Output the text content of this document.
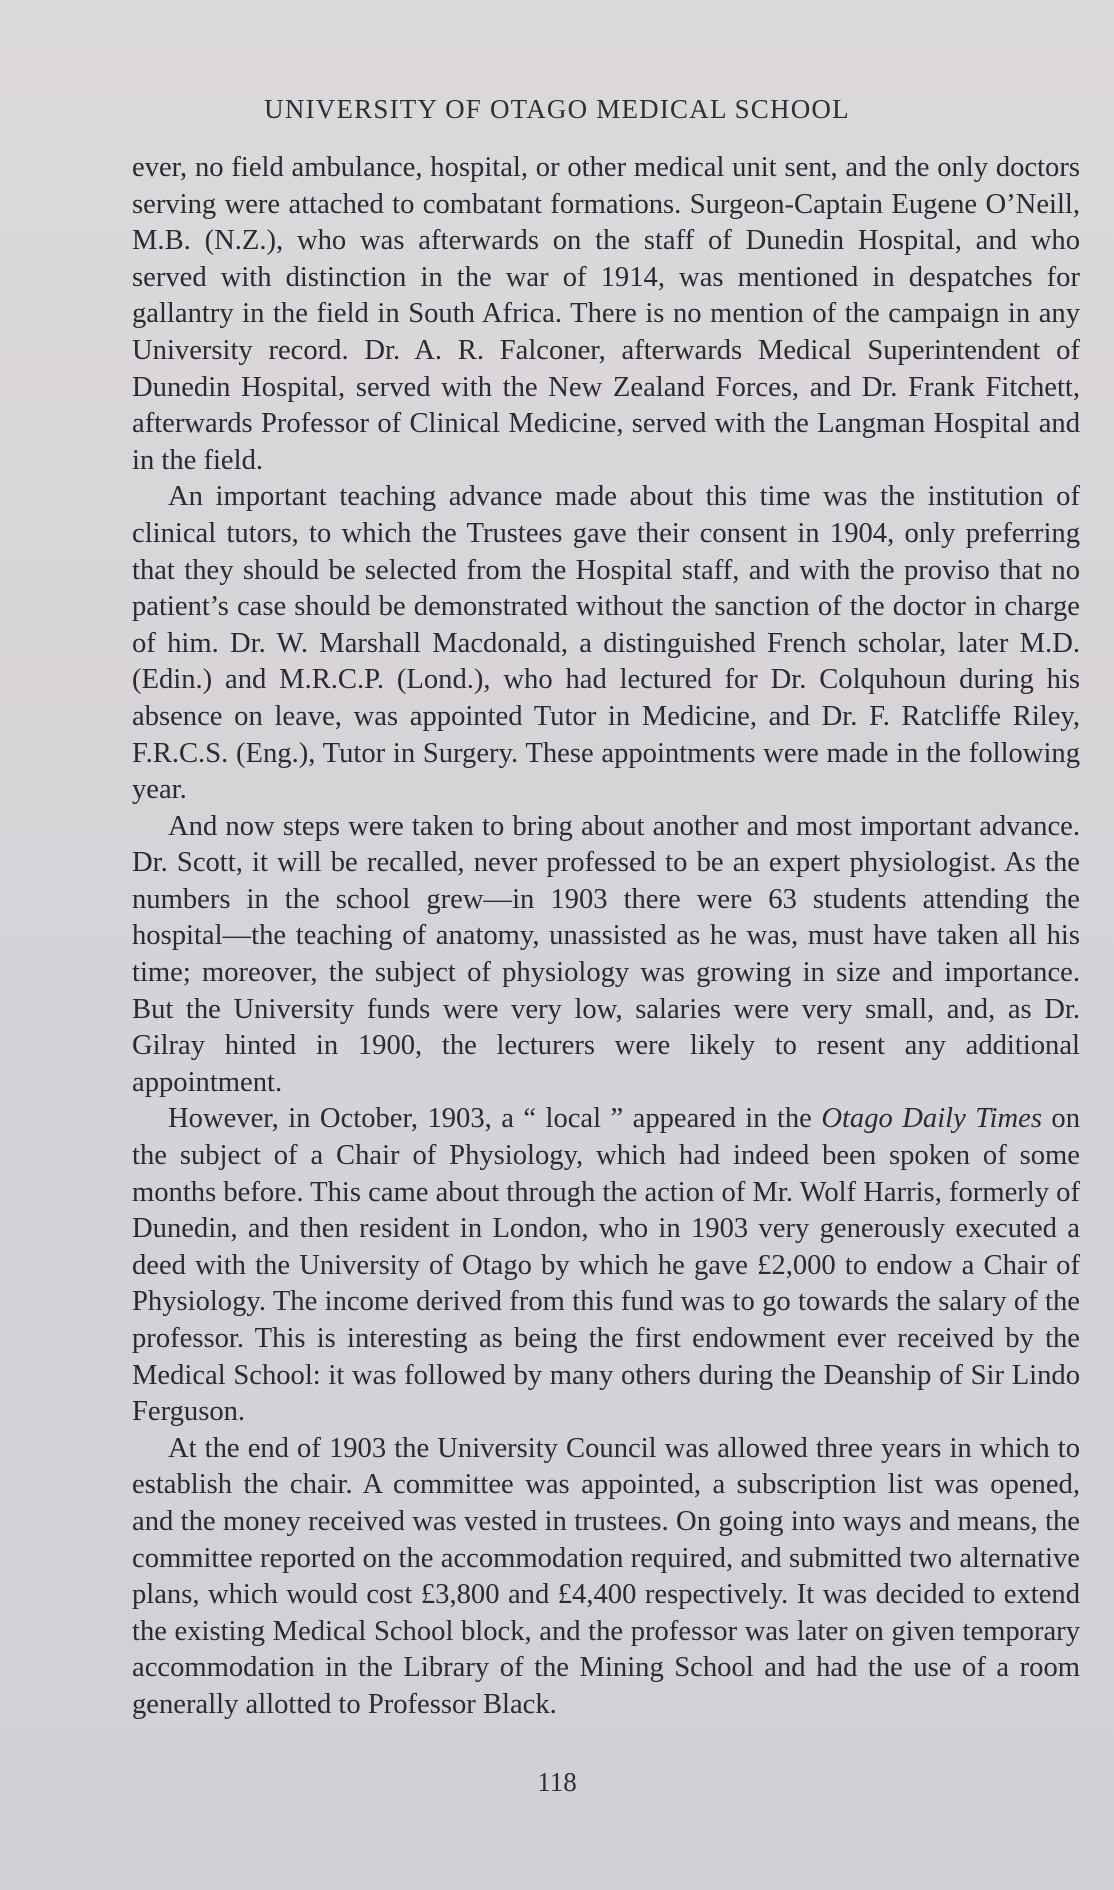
UNIVERSITY OF OTAGO MEDICAL SCHOOL

ever, no field ambulance, hospital, or other medical unit sent, and the only doctors serving were attached to combatant formations. Surgeon-Captain Eugene O’Neill, M.B. (N.Z.), who was afterwards on the staff of Dunedin Hospital, and who served with distinction in the war of 1914, was mentioned in despatches for gallantry in the field in South Africa. There is no mention of the campaign in any University record. Dr. A. R. Falconer, afterwards Medical Superintendent of Dunedin Hospital, served with the New Zealand Forces, and Dr. Frank Fitchett, afterwards Professor of Clinical Medicine, served with the Langman Hospital and in the field.

An important teaching advance made about this time was the institution of clinical tutors, to which the Trustees gave their consent in 1904, only preferring that they should be selected from the Hospital staff, and with the proviso that no patient’s case should be demonstrated without the sanction of the doctor in charge of him. Dr. W. Marshall Macdonald, a distinguished French scholar, later M.D. (Edin.) and M.R.C.P. (Lond.), who had lectured for Dr. Colquhoun during his absence on leave, was appointed Tutor in Medicine, and Dr. F. Ratcliffe Riley, F.R.C.S. (Eng.), Tutor in Surgery. These appointments were made in the following year.

And now steps were taken to bring about another and most important advance. Dr. Scott, it will be recalled, never professed to be an expert physiologist. As the numbers in the school grew—in 1903 there were 63 students attending the hospital—the teaching of anatomy, unassisted as he was, must have taken all his time; moreover, the subject of physiology was growing in size and importance. But the University funds were very low, salaries were very small, and, as Dr. Gilray hinted in 1900, the lecturers were likely to resent any additional appointment.

However, in October, 1903, a “ local ” appeared in the Otago Daily Times on the subject of a Chair of Physiology, which had indeed been spoken of some months before. This came about through the action of Mr. Wolf Harris, formerly of Dunedin, and then resident in London, who in 1903 very generously executed a deed with the University of Otago by which he gave £2,000 to endow a Chair of Physiology. The income derived from this fund was to go towards the salary of the professor. This is interesting as being the first endowment ever received by the Medical School: it was followed by many others during the Deanship of Sir Lindo Ferguson.

At the end of 1903 the University Council was allowed three years in which to establish the chair. A committee was appointed, a subscription list was opened, and the money received was vested in trustees. On going into ways and means, the committee reported on the accommodation required, and submitted two alternative plans, which would cost £3,800 and £4,400 respectively. It was decided to extend the existing Medical School block, and the professor was later on given temporary accommodation in the Library of the Mining School and had the use of a room generally allotted to Professor Black.

118
